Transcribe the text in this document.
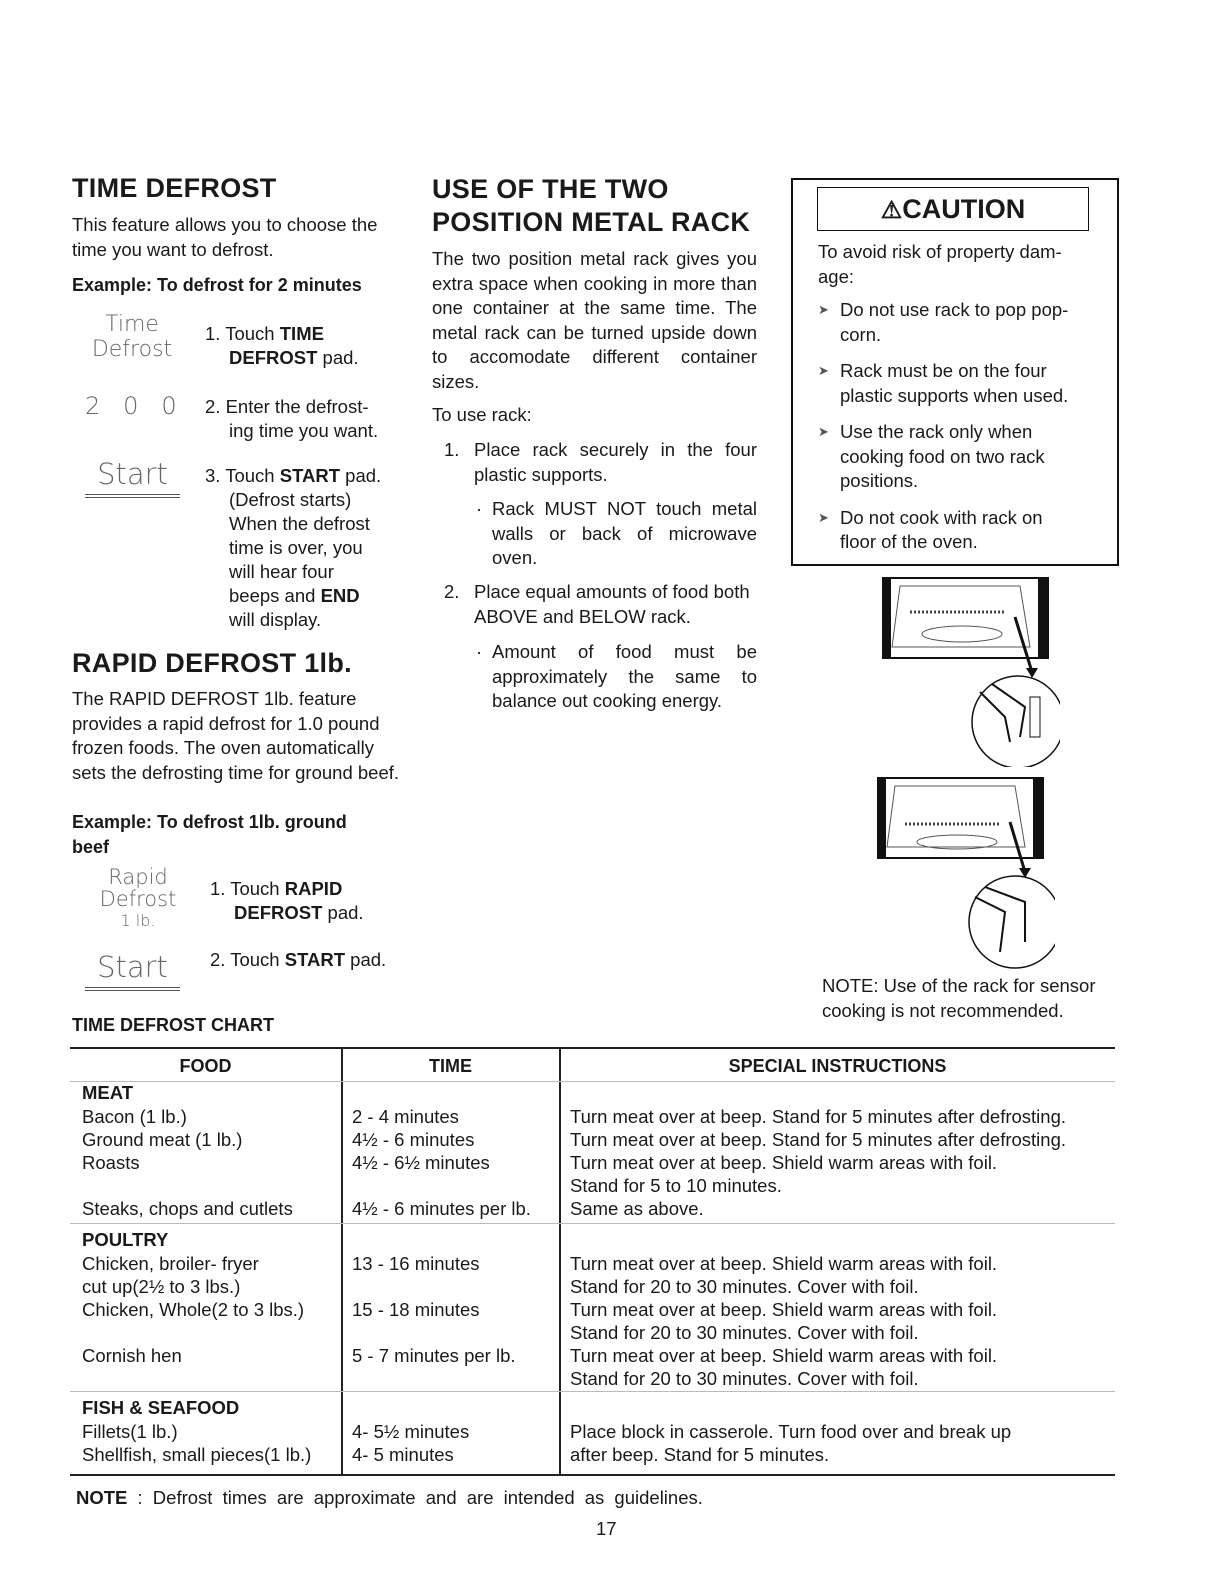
TIME DEFROST
This feature allows you to choose the time you want to defrost.
Example: To defrost for 2 minutes
Time
Defrost
1. Touch TIME
DEFROST pad.
2   0   0 2. Enter the defrost-
ing time you want.
Start	3. Touch START pad.
(Defrost starts)
When the defrost
time is over, you
will hear four
beeps and END
will display.
RAPID DEFROST 1lb.
The RAPID DEFROST 1lb. feature provides a rapid defrost for 1.0 pound frozen foods. The oven automatically sets the defrosting time for ground beef.
Example: To defrost 1lb. ground
beef
Rapid
Defrost
1 lb.
1. Touch RAPID
DEFROST pad.
Start	2. Touch START pad.
USE OF THE TWO
POSITION METAL RACK
The two position metal rack gives you extra space when cooking in more than one container at the same time. The metal rack can be turned upside down to accomodate different container sizes.
To use rack:
1. Place rack securely in the four plastic supports.
· Rack MUST NOT touch metal walls or back of microwave oven.
2. Place equal amounts of food both ABOVE and BELOW rack.
· Amount of food must be approximately the same to balance out cooking energy.
⚠CAUTION
To avoid risk of property dam-age:
➤ Do not use rack to pop pop-corn.
➤ Rack must be on the four plastic supports when used.
➤ Use the rack only when cooking food on two rack positions.
➤ Do not cook with rack on floor of the oven.
NOTE: Use of the rack for sensor cooking is not recommended.
TIME DEFROST CHART
FOOD	TIME	SPECIAL INSTRUCTIONS
MEAT
Bacon (1 lb.)	2 - 4 minutes	Turn meat over at beep. Stand for 5 minutes after defrosting.
Ground meat (1 lb.)	4½ - 6 minutes	Turn meat over at beep. Stand for 5 minutes after defrosting.
Roasts	4½ - 6½ minutes	Turn meat over at beep. Shield warm areas with foil.
		Stand for 5 to 10 minutes.
Steaks, chops and cutlets	4½ - 6 minutes per lb.	Same as above.
POULTRY
Chicken, broiler- fryer	13 - 16 minutes	Turn meat over at beep. Shield warm areas with foil.
cut up(2½ to 3 lbs.)		Stand for 20 to 30 minutes. Cover with foil.
Chicken, Whole(2 to 3 lbs.)	15 - 18 minutes	Turn meat over at beep. Shield warm areas with foil.
		Stand for 20 to 30 minutes. Cover with foil.
Cornish hen	5 - 7 minutes per lb.	Turn meat over at beep. Shield warm areas with foil.
		Stand for 20 to 30 minutes. Cover with foil.
FISH & SEAFOOD
Fillets(1 lb.)	4- 5½ minutes	Place block in casserole. Turn food over and break up
Shellfish, small pieces(1 lb.)	4- 5 minutes	after beep. Stand for 5 minutes.
NOTE : Defrost times are approximate and are intended as guidelines.
17
